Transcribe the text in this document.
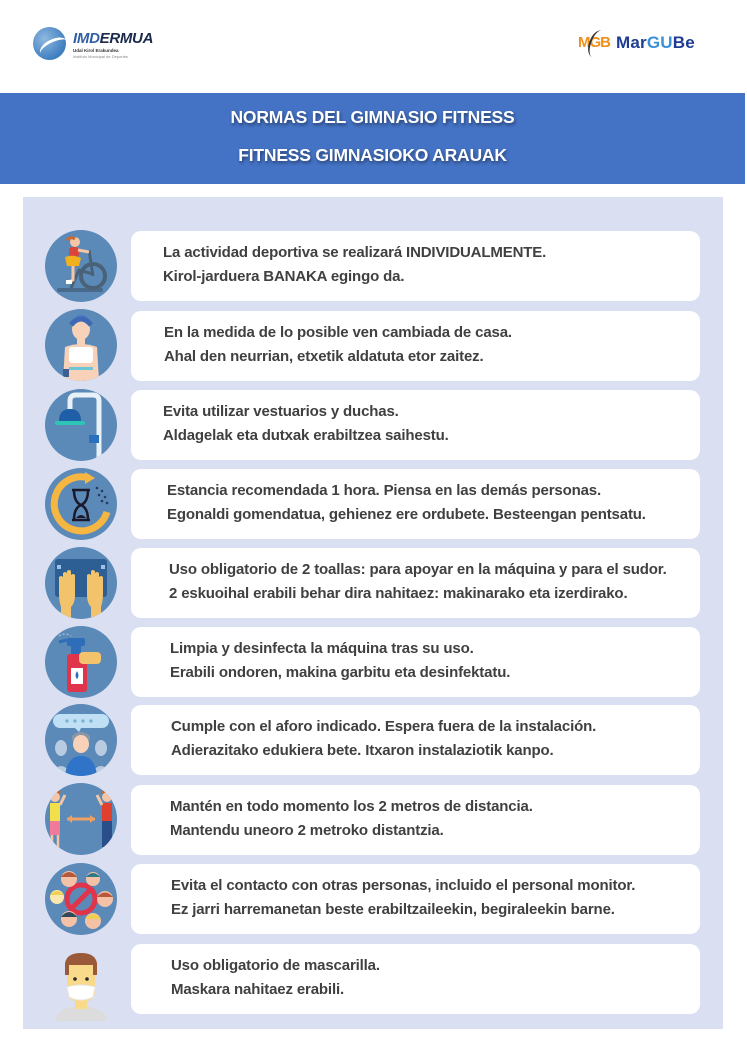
IMDERMUA
Udal Kirol Erakundea
Instituto Municipal de Deportes
MGB MarGUBe
NORMAS DEL GIMNASIO FITNESS
FITNESS GIMNASIOKO ARAUAK
La actividad deportiva se realizará INDIVIDUALMENTE.
Kirol-jarduera BANAKA egingo da.
En la medida de lo posible ven cambiada de casa.
Ahal den neurrian, etxetik aldatuta etor zaitez.
Evita utilizar vestuarios y duchas.
Aldagelak eta dutxak erabiltzea saihestu.
Estancia recomendada 1 hora. Piensa en las demás personas.
Egonaldi gomendatua, gehienez ere ordubete. Besteengan pentsatu.
Uso obligatorio de 2 toallas: para apoyar en la máquina y para el sudor.
2 eskuoihal erabili behar dira nahitaez: makinarako eta izerdirako.
Limpia y desinfecta la máquina tras su uso.
Erabili ondoren, makina garbitu eta desinfektatu.
Cumple con el aforo indicado. Espera fuera de la instalación.
Adierazitako edukiera bete. Itxaron instalaziotik kanpo.
Mantén en todo momento los 2 metros de distancia.
Mantendu uneoro 2 metroko distantzia.
Evita el contacto con otras personas, incluido el personal monitor.
Ez jarri harremanetan beste erabiltzaileekin, begiraleekin barne.
Uso obligatorio de mascarilla.
Maskara nahitaez erabili.
